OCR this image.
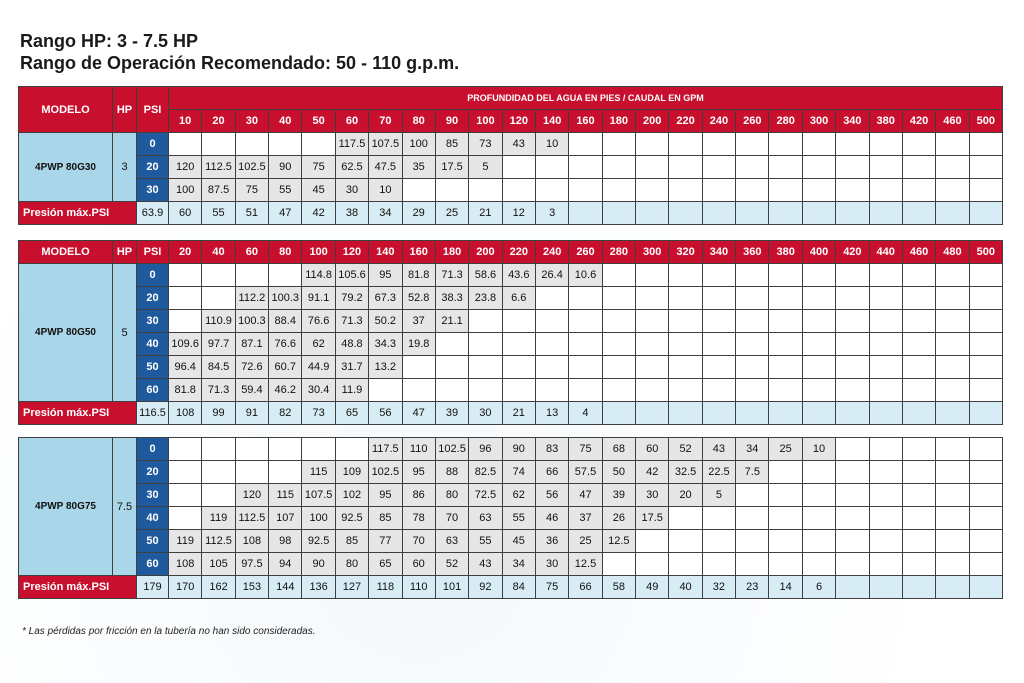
Rango HP: 3 - 7.5 HP
Rango de Operación Recomendado: 50 - 110 g.p.m.
MODELO	HP	PSI	PROFUNDIDAD DEL AGUA EN PIES / CAUDAL EN GPM																								
			10	20	30	40	50	60	70	80	90	100	120	140	160	180	200	220	240	260	280	300	340	380	420	460	500
4PWP 80G30	3	0						117.5	107.5	100	85	73	43	10													
		20	120	112.5	102.5	90	75	62.5	47.5	35	17.5	5															
		30	100	87.5	75	55	45	30	10																		
Presión máx.PSI		63.9	60	55	51	47	42	38	34	29	25	21	12	3													
MODELO	HP	PSI	20	40	60	80	100	120	140	160	180	200	220	240	260	280	300	320	340	360	380	400	420	440	460	480	500
4PWP 80G50	5	0					114.8	105.6	95	81.8	71.3	58.6	43.6	26.4	10.6												
		20			112.2	100.3	91.1	79.2	67.3	52.8	38.3	23.8	6.6														
		30		110.9	100.3	88.4	76.6	71.3	50.2	37	21.1																
		40	109.6	97.7	87.1	76.6	62	48.8	34.3	19.8																	
		50	96.4	84.5	72.6	60.7	44.9	31.7	13.2																		
		60	81.8	71.3	59.4	46.2	30.4	11.9																			
Presión máx.PSI		116.5	108	99	91	82	73	65	56	47	39	30	21	13	4												
4PWP 80G75	7.5	0							117.5	110	102.5	96	90	83	75	68	60	52	43	34	25	10					
		20					115	109	102.5	95	88	82.5	74	66	57.5	50	42	32.5	22.5	7.5							
		30			120	115	107.5	102	95	86	80	72.5	62	56	47	39	30	20	5								
		40		119	112.5	107	100	92.5	85	78	70	63	55	46	37	26	17.5										
		50	119	112.5	108	98	92.5	85	77	70	63	55	45	36	25	12.5											
		60	108	105	97.5	94	90	80	65	60	52	43	34	30	12.5												
Presión máx.PSI		179	170	162	153	144	136	127	118	110	101	92	84	75	66	58	49	40	32	23	14	6					
* Las pérdidas por fricción en la tubería no han sido consideradas.
